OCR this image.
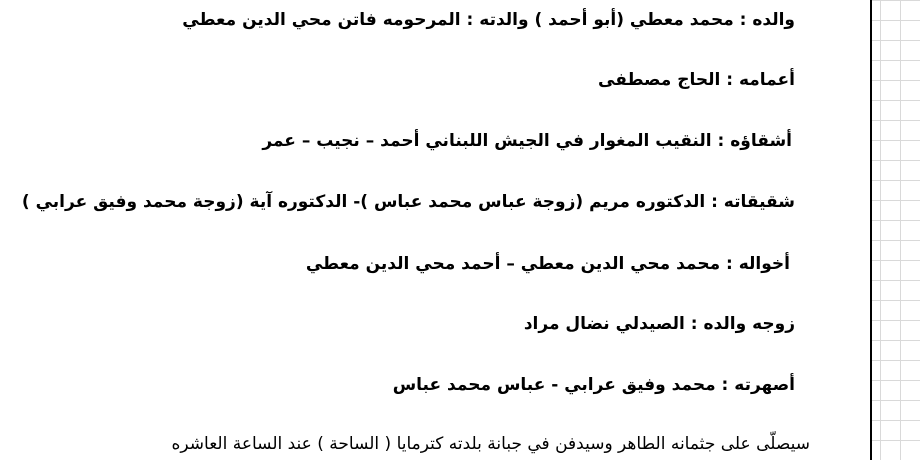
والده : محمد معطي (أبو أحمد ) والدته : المرحومه فاتن محي الدين معطي
أعمامه : الحاج مصطفى
أشقاؤه : النقيب المغوار في الجيش اللبناني أحمد – نجيب – عمر
شقيقاته : الدكتوره مريم (زوجة عباس محمد عباس )- الدكتوره آية (زوجة محمد وفيق عرابي )
أخواله : محمد محي الدين معطي – أحمد محي الدين معطي
زوجه والده : الصيدلي نضال مراد
أصهرته : محمد وفيق عرابي - عباس محمد عباس
سيصلّى على جثمانه الطاهر وسيدفن في جبانة بلدته كترمايا ( الساحة ) عند الساعة العاشره
